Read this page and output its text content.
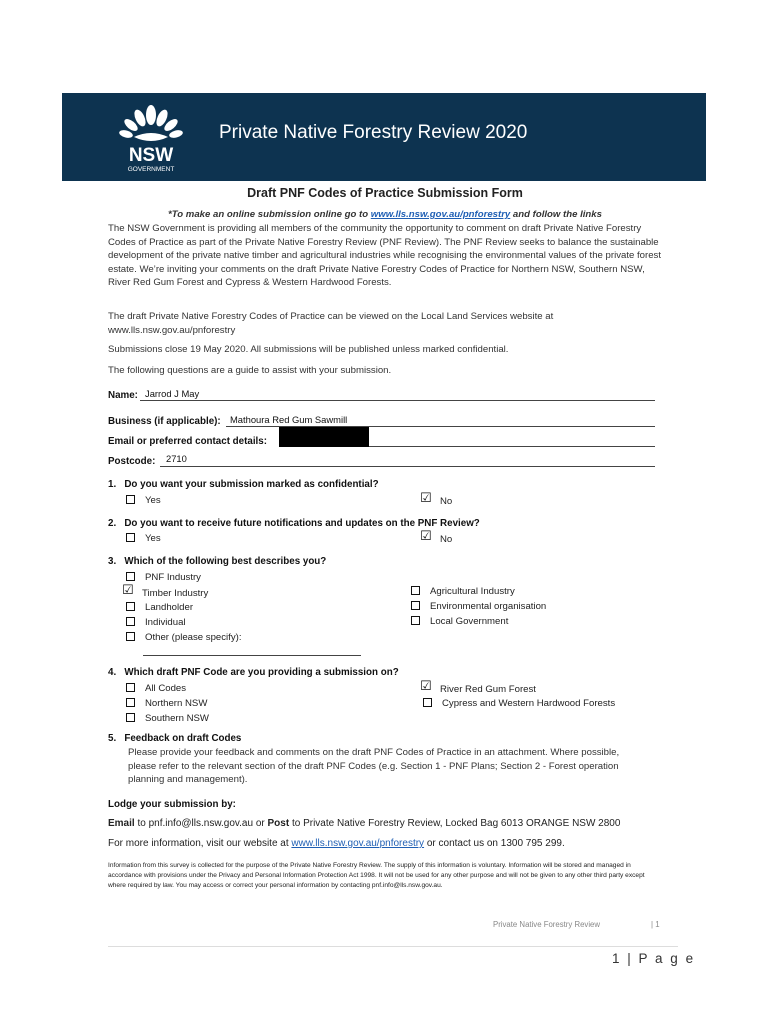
NSW
GOVERNMENT
Private Native Forestry Review 2020
Draft PNF Codes of Practice Submission Form
*To make an online submission online go to www.lls.nsw.gov.au/pnforestry and follow the links
The NSW Government is providing all members of the community the opportunity to comment on draft Private Native Forestry Codes of Practice as part of the Private Native Forestry Review (PNF Review). The PNF Review seeks to balance the sustainable development of the private native timber and agricultural industries while recognising the environmental values of the private forest estate. We’re inviting your comments on the draft Private Native Forestry Codes of Practice for Northern NSW, Southern NSW, River Red Gum Forest and Cypress & Western Hardwood Forests.
The draft Private Native Forestry Codes of Practice can be viewed on the Local Land Services website at www.lls.nsw.gov.au/pnforestry
Submissions close 19 May 2020. All submissions will be published unless marked confidential.
The following questions are a guide to assist with your submission.
Name: Jarrod J May
Business (if applicable): Mathoura Red Gum Sawmill
Email or preferred contact details:
Postcode: 2710
1. Do you want your submission marked as confidential?
Yes	☑ No
2. Do you want to receive future notifications and updates on the PNF Review?
Yes	☑ No
3. Which of the following best describes you?
PNF Industry
☑ Timber Industry
Landholder
Individual
Other (please specify):
Agricultural Industry
Environmental organisation
Local Government
4. Which draft PNF Code are you providing a submission on?
All Codes
Northern NSW
Southern NSW
☑ River Red Gum Forest
Cypress and Western Hardwood Forests
5. Feedback on draft Codes
Please provide your feedback and comments on the draft PNF Codes of Practice in an attachment. Where possible, please refer to the relevant section of the draft PNF Codes (e.g. Section 1 - PNF Plans; Section 2 - Forest operation planning and management).
Lodge your submission by:
Email to pnf.info@lls.nsw.gov.au or Post to Private Native Forestry Review, Locked Bag 6013 ORANGE NSW 2800
For more information, visit our website at www.lls.nsw.gov.au/pnforestry or contact us on 1300 795 299.
Information from this survey is collected for the purpose of the Private Native Forestry Review. The supply of this information is voluntary. Information will be stored and managed in accordance with provisions under the Privacy and Personal Information Protection Act 1998. It will not be used for any other purpose and will not be given to any other third party except where required by law. You may access or correct your personal information by contacting pnf.info@lls.nsw.gov.au.
Private Native Forestry Review	| 1
1 | P a g e
